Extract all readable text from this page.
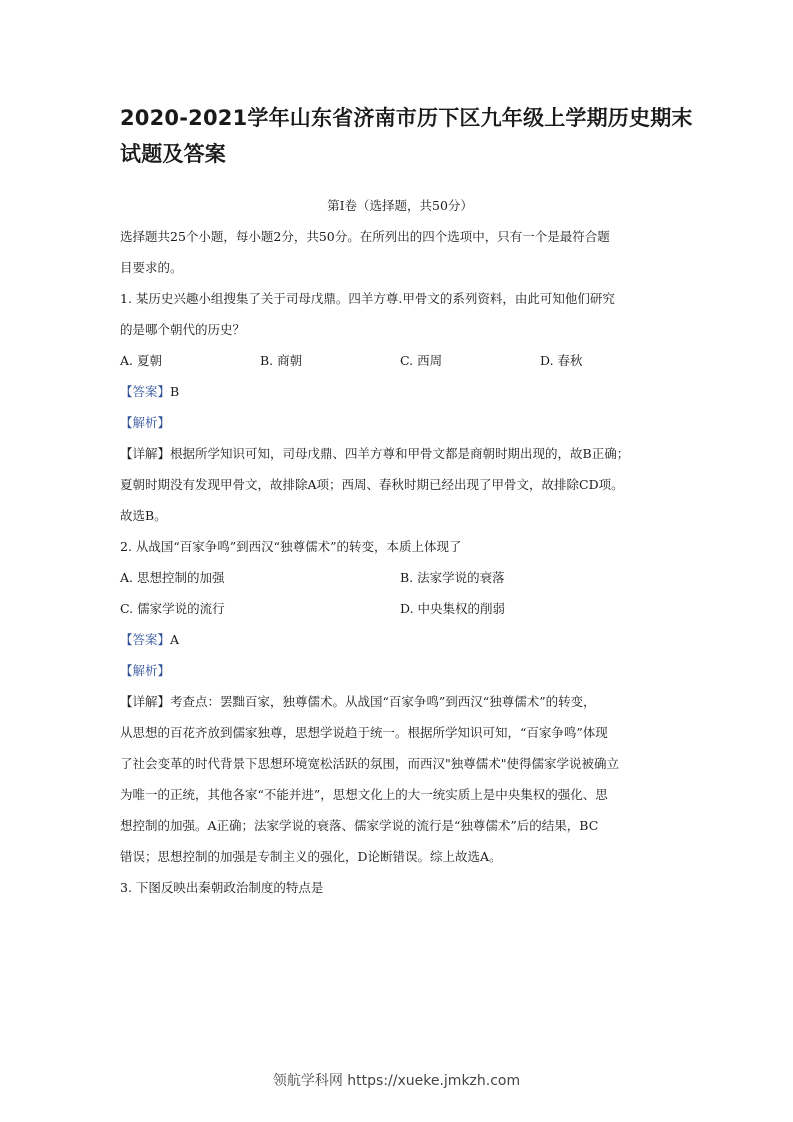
2020-2021学年山东省济南市历下区九年级上学期历史期末
试题及答案
第Ⅰ卷（选择题，共50分）

选择题共25个小题，每小题2分，共50分。在所列出的四个选项中，只有一个是最符合题

目要求的。

1. 某历史兴趣小组搜集了关于司母戊鼎。四羊方尊.甲骨文的系列资料，由此可知他们研究

的是哪个朝代的历史？

A. 夏朝	B. 商朝	C. 西周	D. 春秋

【答案】B

【解析】

【详解】根据所学知识可知，司母戊鼎、四羊方尊和甲骨文都是商朝时期出现的，故B正确；

夏朝时期没有发现甲骨文，故排除A项；西周、春秋时期已经出现了甲骨文，故排除CD项。

故选B。

2. 从战国“百家争鸣”到西汉“独尊儒术”的转变，本质上体现了

A. 思想控制的加强	B. 法家学说的衰落
C. 儒家学说的流行	D. 中央集权的削弱

【答案】A

【解析】

【详解】考查点：罢黜百家，独尊儒术。从战国“百家争鸣”到西汉“独尊儒术”的转变，

从思想的百花齐放到儒家独尊，思想学说趋于统一。根据所学知识可知，“百家争鸣”体现

了社会变革的时代背景下思想环境宽松活跃的氛围，而西汉"独尊儒术"使得儒家学说被确立

为唯一的正统，其他各家“不能并进”，思想文化上的大一统实质上是中央集权的强化、思

想控制的加强。A正确；法家学说的衰落、儒家学说的流行是“独尊儒术”后的结果，BC

错误；思想控制的加强是专制主义的强化，D论断错误。综上故选A。

3. 下图反映出秦朝政治制度的特点是

领航学科网 https://xueke.jmkzh.com
